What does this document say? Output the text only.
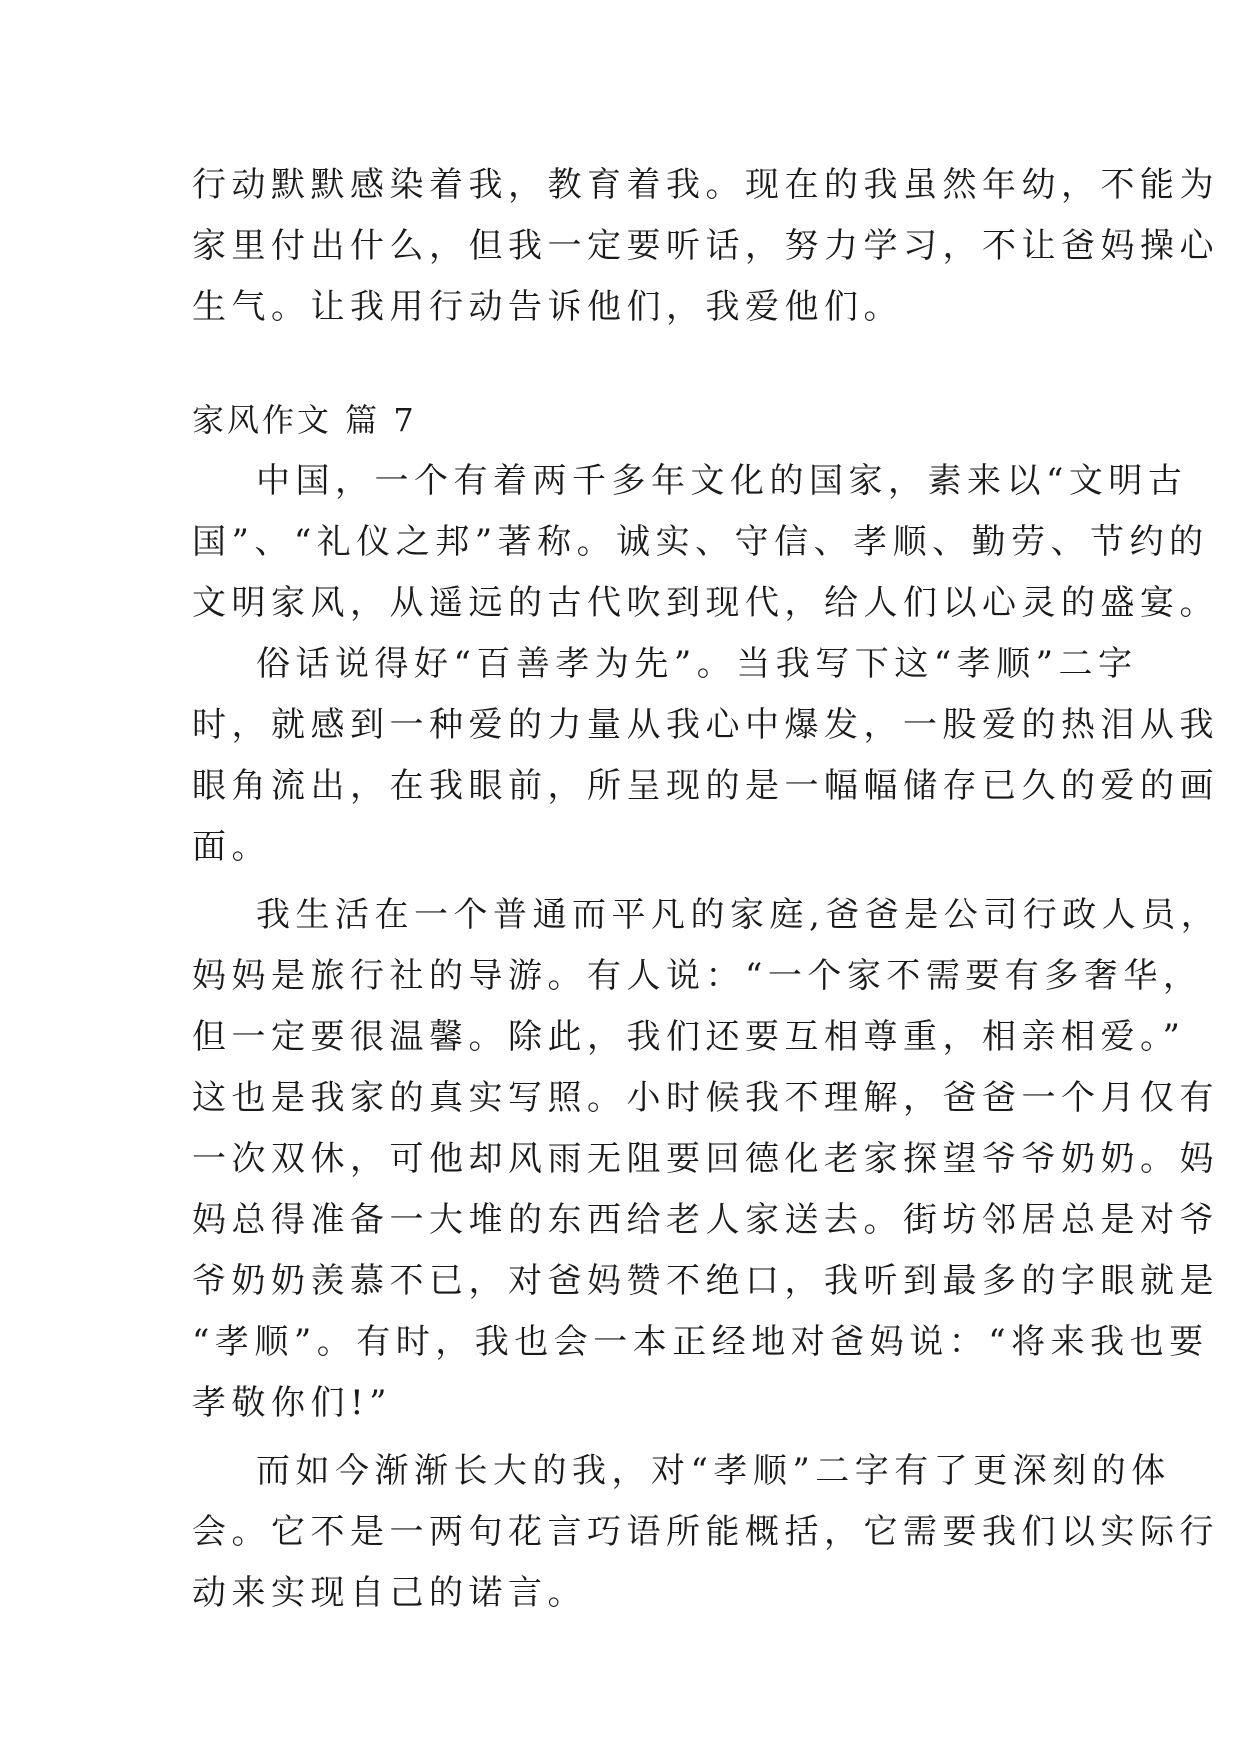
行动默默感染着我，教育着我。现在的我虽然年幼，不能为
家里付出什么，但我一定要听话，努力学习，不让爸妈操心
生气。让我用行动告诉他们，我爱他们。
家风作文 篇 7
中国，一个有着两千多年文化的国家，素来以“文明古
国”、“礼仪之邦”著称。诚实、守信、孝顺、勤劳、节约的
文明家风，从遥远的古代吹到现代，给人们以心灵的盛宴。
俗话说得好“百善孝为先”。当我写下这“孝顺”二字
时，就感到一种爱的力量从我心中爆发，一股爱的热泪从我
眼角流出，在我眼前，所呈现的是一幅幅储存已久的爱的画
面。
我生活在一个普通而平凡的家庭,爸爸是公司行政人员，
妈妈是旅行社的导游。有人说：“一个家不需要有多奢华，
但一定要很温馨。除此，我们还要互相尊重，相亲相爱。”
这也是我家的真实写照。小时候我不理解，爸爸一个月仅有
一次双休，可他却风雨无阻要回德化老家探望爷爷奶奶。妈
妈总得准备一大堆的东西给老人家送去。街坊邻居总是对爷
爷奶奶羡慕不已，对爸妈赞不绝口，我听到最多的字眼就是
“孝顺”。有时，我也会一本正经地对爸妈说：“将来我也要
孝敬你们!”
而如今渐渐长大的我，对“孝顺”二字有了更深刻的体
会。它不是一两句花言巧语所能概括，它需要我们以实际行
动来实现自己的诺言。
